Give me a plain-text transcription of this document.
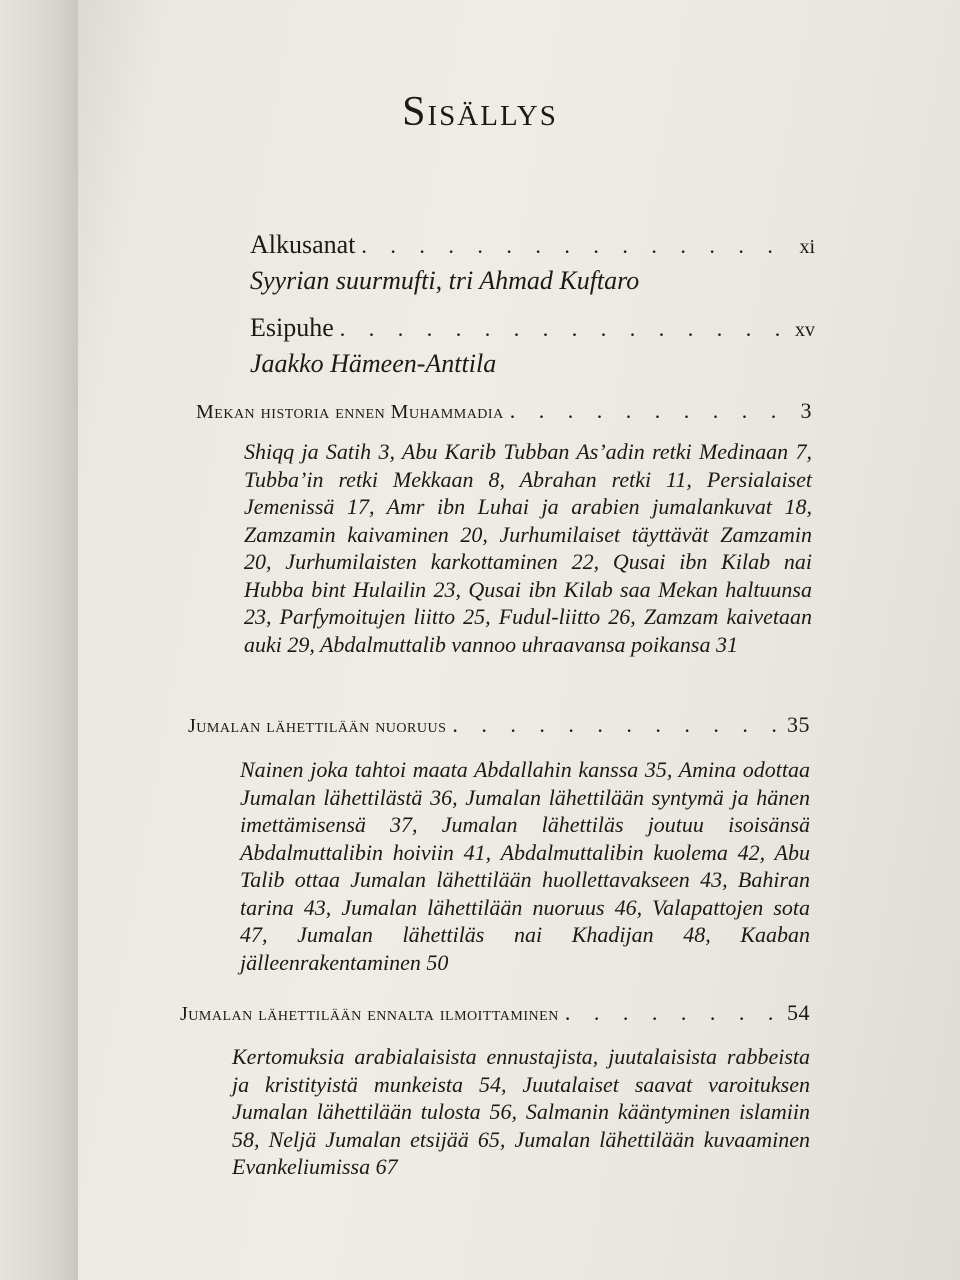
Sisällys
Alkusanat . . .	xi
Syyrian suurmufti, tri Ahmad Kuftaro
Esipuhe . . .	xv
Jaakko Hämeen-Anttila
Mekan historia ennen Muhammadia . . .	3
Shiqq ja Satih 3, Abu Karib Tubban As’adin retki Medinaan 7, Tubba’in retki Mekkaan 8, Abrahan retki 11, Persialaiset Jemenissä 17, Amr ibn Luhai ja arabien jumalankuvat 18, Zamzamin kaivaminen 20, Jurhumilaiset täyttävät Zamzamin 20, Jurhumilaisten karkottaminen 22, Qusai ibn Kilab nai Hubba bint Hulailin 23, Qusai ibn Kilab saa Mekan haltuunsa 23, Parfymoitujen liitto 25, Fudul-liitto 26, Zamzam kaivetaan auki 29, Abdalmuttalib vannoo uhraavansa poikansa 31
Jumalan lähettilään nuoruus . . .	35
Nainen joka tahtoi maata Abdallahin kanssa 35, Amina odottaa Jumalan lähettilästä 36, Jumalan lähettilään syntymä ja hänen imettämisensä 37, Jumalan lähettiläs joutuu isoisänsä Abdalmuttalibin hoiviin 41, Abdalmuttalibin kuolema 42, Abu Talib ottaa Jumalan lähettilään huollettavakseen 43, Bahiran tarina 43, Jumalan lähettilään nuoruus 46, Valapattojen sota 47, Jumalan lähettiläs nai Khadijan 48, Kaaban jälleenrakentaminen 50
Jumalan lähettilään ennalta ilmoittaminen . . .	54
Kertomuksia arabialaisista ennustajista, juutalaisista rabbeista ja kristityistä munkeista 54, Juutalaiset saavat varoituksen Jumalan lähettilään tulosta 56, Salmanin kääntyminen islamiin 58, Neljä Jumalan etsijää 65, Jumalan lähettilään kuvaaminen Evankeliumissa 67
